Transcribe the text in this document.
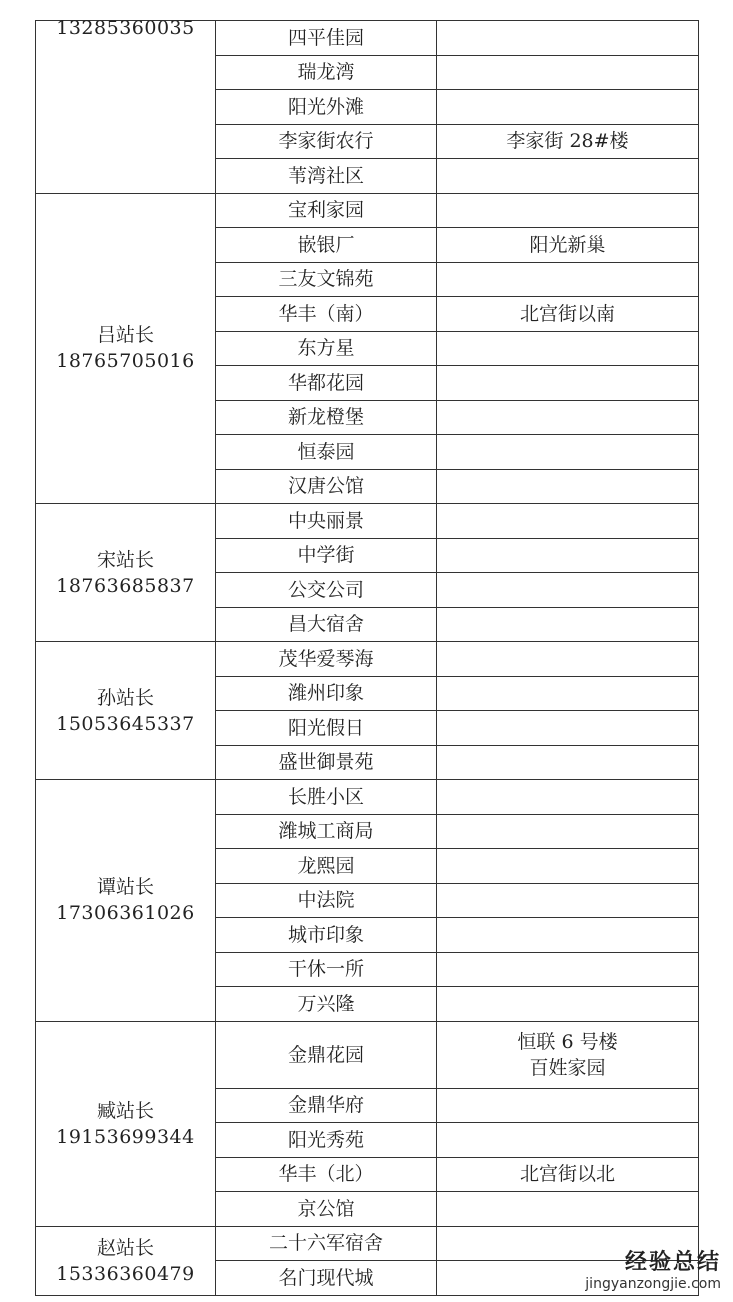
13285360035	四平佳园	
	瑞龙湾	
	阳光外滩	
	李家街农行	李家街 28#楼

	苇湾社区	

吕站长
18765705016	宝利家园	
	嵌银厂	阳光新巢

	三友文锦苑	
	华丰（南）	北宫街以南

	东方星	
	华都花园	
	新龙橙堡	
	恒泰园	
	汉唐公馆	

宋站长
18763685837	中央丽景	
	中学街	
	公交公司	
	昌大宿舍	

孙站长
15053645337	茂华爱琴海	
	潍州印象	
	阳光假日	
	盛世御景苑	

谭站长
17306361026	长胜小区	
	潍城工商局	
	龙熙园	
	中法院	
	城市印象	
	干休一所	
	万兴隆	

臧站长
19153699344	金鼎花园	恒联 6 号楼
百姓家园

	金鼎华府	
	阳光秀苑	
	华丰（北）	北宫街以北

	京公馆	

赵站长
15336360479	二十六军宿舍	
	名门现代城	
经验总结
jingyanzongjie.com
